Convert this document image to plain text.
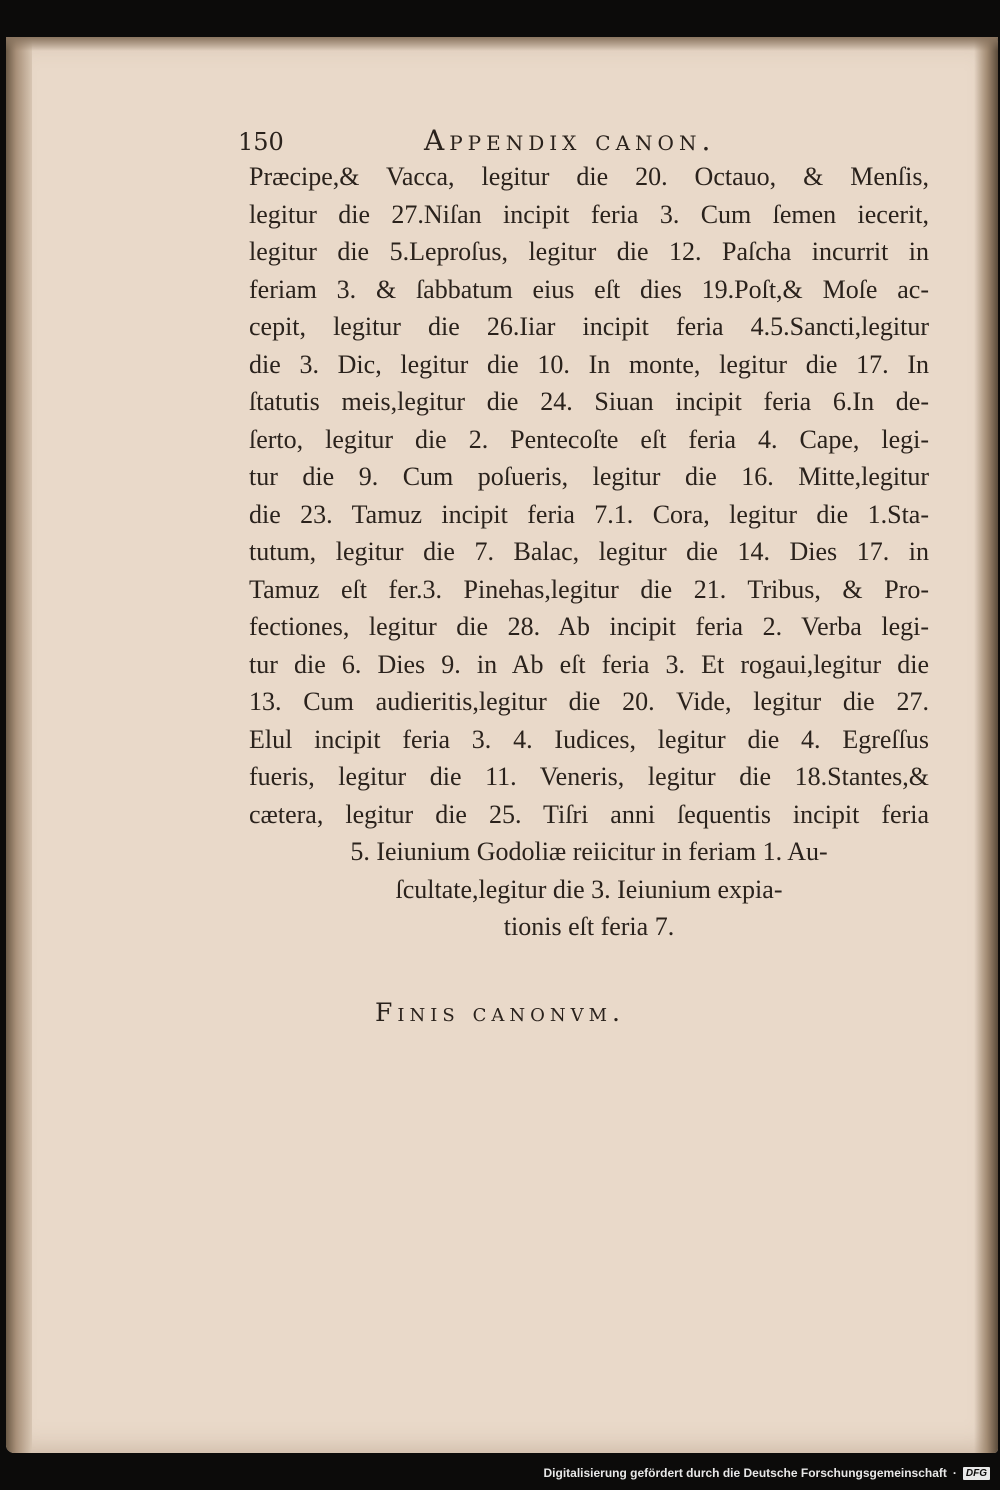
150	Appendix canon.
Præcipe,& Vacca, legitur die 20. Octauo, & Menſis,
legitur die 27.Niſan incipit feria 3. Cum ſemen iecerit,
legitur die 5.Leproſus, legitur die 12. Paſcha incurrit in
feriam 3. & ſabbatum eius eſt dies 19.Poſt,& Moſe ac-
cepit, legitur die 26.Iiar incipit feria 4.5.Sancti,legitur
die 3. Dic, legitur die 10. In monte, legitur die 17. In
ſtatutis meis,legitur die 24. Siuan incipit feria 6.In de-
ſerto, legitur die 2. Pentecoſte eſt feria 4. Cape, legi-
tur die 9. Cum poſueris, legitur die 16. Mitte,legitur
die 23. Tamuz incipit feria 7.1. Cora, legitur die 1.Sta-
tutum, legitur die 7. Balac, legitur die 14. Dies 17. in
Tamuz eſt fer.3. Pinehas,legitur die 21. Tribus, & Pro-
fectiones, legitur die 28. Ab incipit feria 2. Verba legi-
tur die 6. Dies 9. in Ab eſt feria 3. Et rogaui,legitur die
13. Cum audieritis,legitur die 20. Vide, legitur die 27.
Elul incipit feria 3. 4. Iudices, legitur die 4. Egreſſus
fueris, legitur die 11. Veneris, legitur die 18.Stantes,&
cætera, legitur die 25. Tiſri anni ſequentis incipit feria
5. Ieiunium Godoliæ reiicitur in feriam 1. Au-
ſcultate,legitur die 3. Ieiunium expia-
tionis eſt feria 7.
Finis canonvm.
Digitalisierung gefördert durch die Deutsche Forschungsgemeinschaft · DFG
